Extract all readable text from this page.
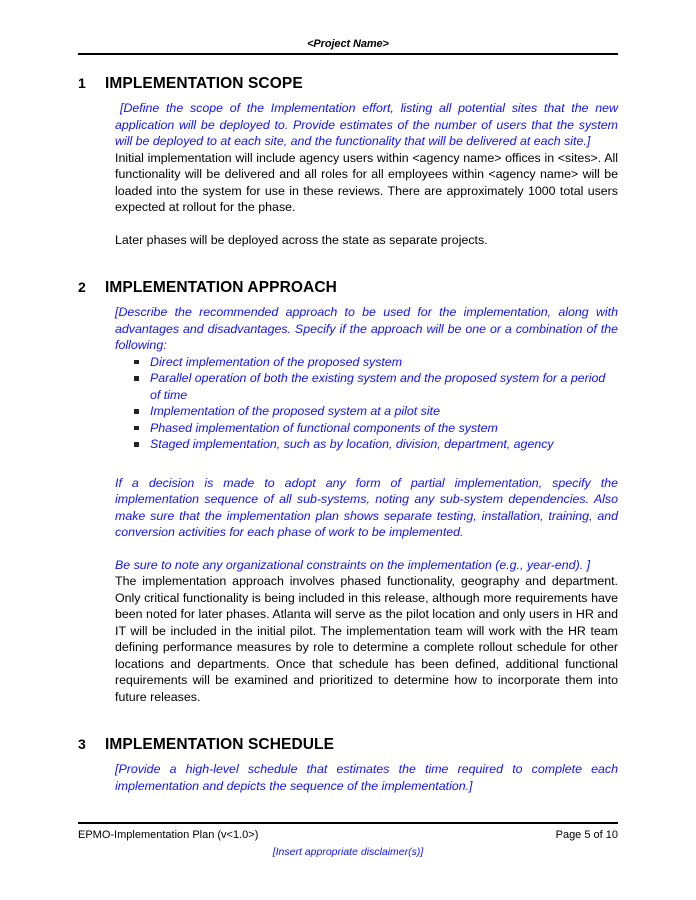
<Project Name>
1	IMPLEMENTATION SCOPE

[Define the scope of the Implementation effort, listing all potential sites that the new application will be deployed to. Provide estimates of the number of users that the system will be deployed to at each site, and the functionality that will be delivered at each site.]

Initial implementation will include agency users within <agency name> offices in <sites>. All functionality will be delivered and all roles for all employees within <agency name> will be loaded into the system for use in these reviews. There are approximately 1000 total users expected at rollout for the phase.

Later phases will be deployed across the state as separate projects.

2	IMPLEMENTATION APPROACH

[Describe the recommended approach to be used for the implementation, along with advantages and disadvantages. Specify if the approach will be one or a combination of the following:

Direct implementation of the proposed system
Parallel operation of both the existing system and the proposed system for a period of time
Implementation of the proposed system at a pilot site
Phased implementation of functional components of the system
Staged implementation, such as by location, division, department, agency

If a decision is made to adopt any form of partial implementation, specify the implementation sequence of all sub-systems, noting any sub-system dependencies. Also make sure that the implementation plan shows separate testing, installation, training, and conversion activities for each phase of work to be implemented.

Be sure to note any organizational constraints on the implementation (e.g., year-end). ]

The implementation approach involves phased functionality, geography and department. Only critical functionality is being included in this release, although more requirements have been noted for later phases. Atlanta will serve as the pilot location and only users in HR and IT will be included in the initial pilot. The implementation team will work with the HR team defining performance measures by role to determine a complete rollout schedule for other locations and departments. Once that schedule has been defined, additional functional requirements will be examined and prioritized to determine how to incorporate them into future releases.

3	IMPLEMENTATION SCHEDULE

[Provide a high-level schedule that estimates the time required to complete each implementation and depicts the sequence of the implementation.]

EPMO-Implementation Plan (v<1.0>)	Page 5 of 10
[Insert appropriate disclaimer(s)]
